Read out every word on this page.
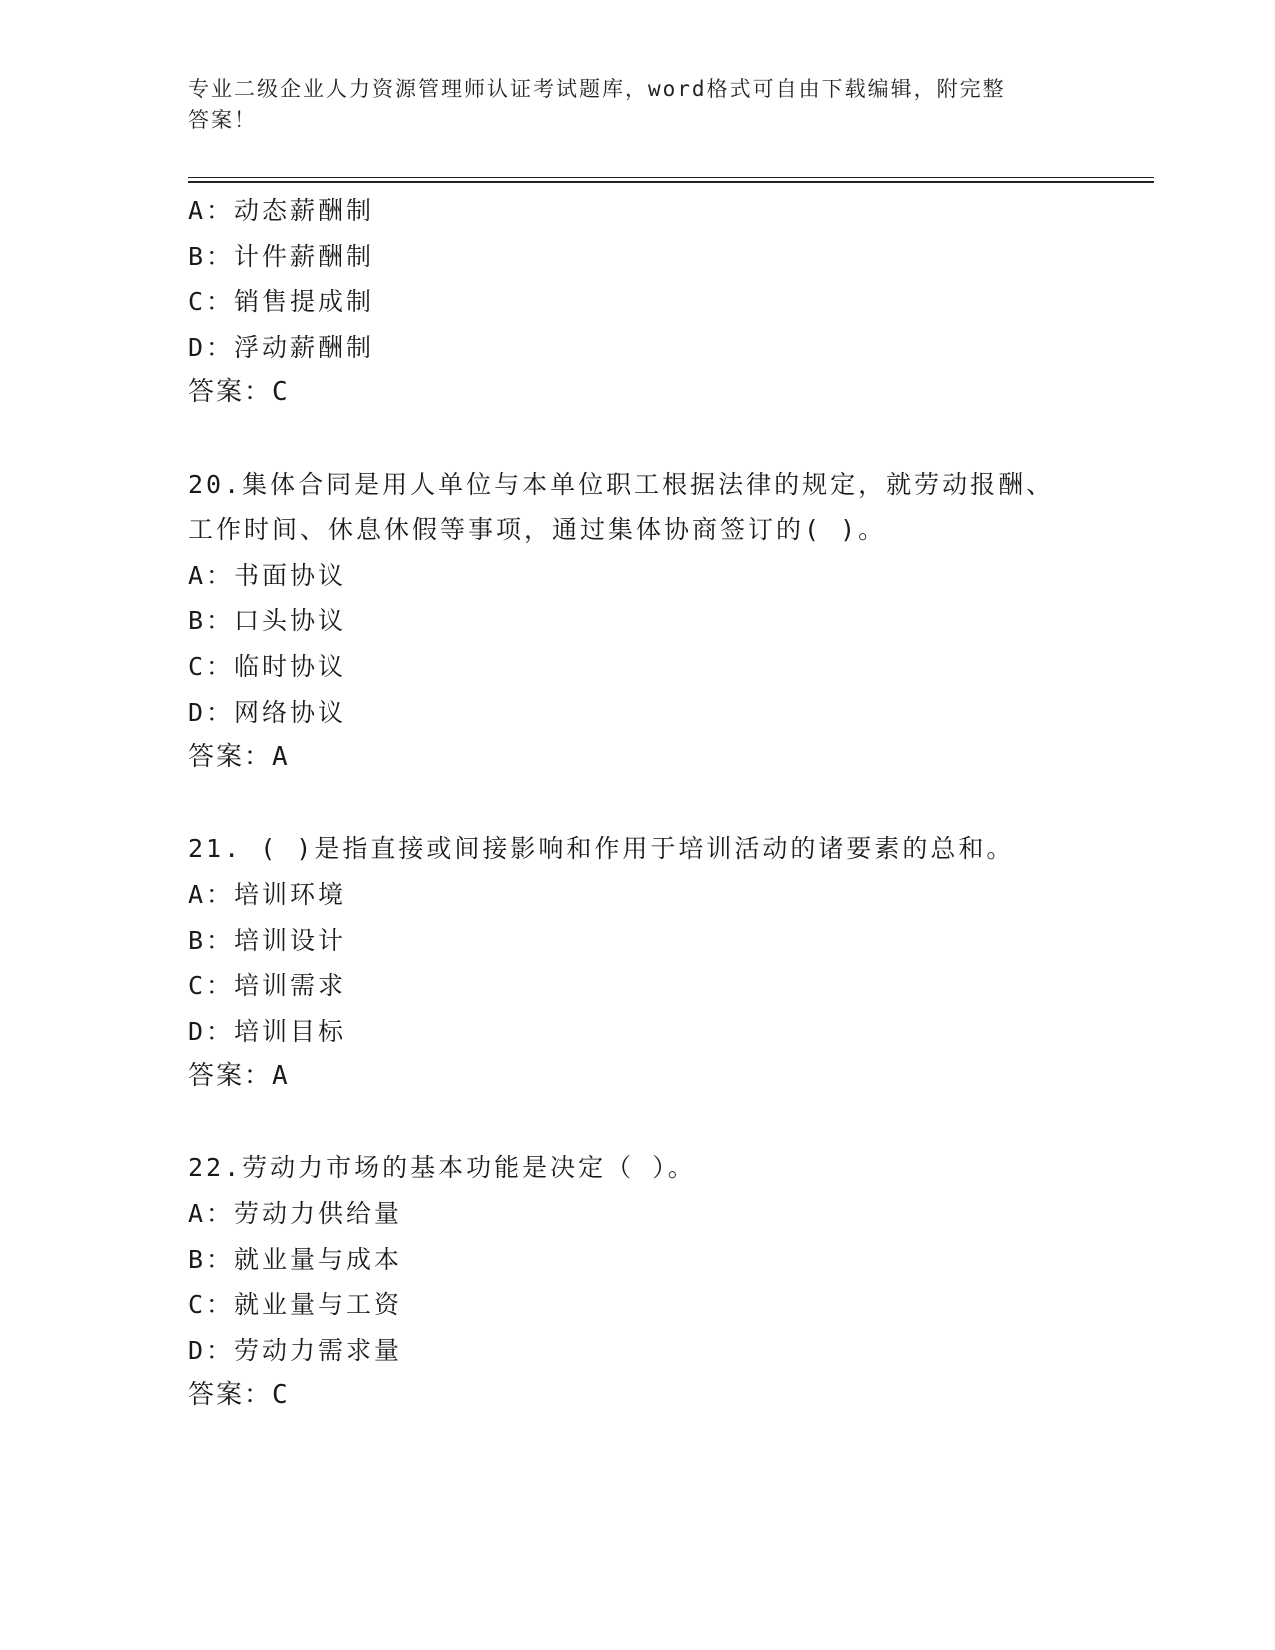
专业二级企业人力资源管理师认证考试题库，word格式可自由下载编辑，附完整
答案！
A：动态薪酬制
B：计件薪酬制
C：销售提成制
D：浮动薪酬制
答案：C
20.集体合同是用人单位与本单位职工根据法律的规定，就劳动报酬、
工作时间、休息休假等事项，通过集体协商签订的( )。
A：书面协议
B：口头协议
C：临时协议
D：网络协议
答案：A
21. ( )是指直接或间接影响和作用于培训活动的诸要素的总和。
A：培训环境
B：培训设计
C：培训需求
D：培训目标
答案：A
22.劳动力市场的基本功能是决定（ ）。
A：劳动力供给量
B：就业量与成本
C：就业量与工资
D：劳动力需求量
答案：C
